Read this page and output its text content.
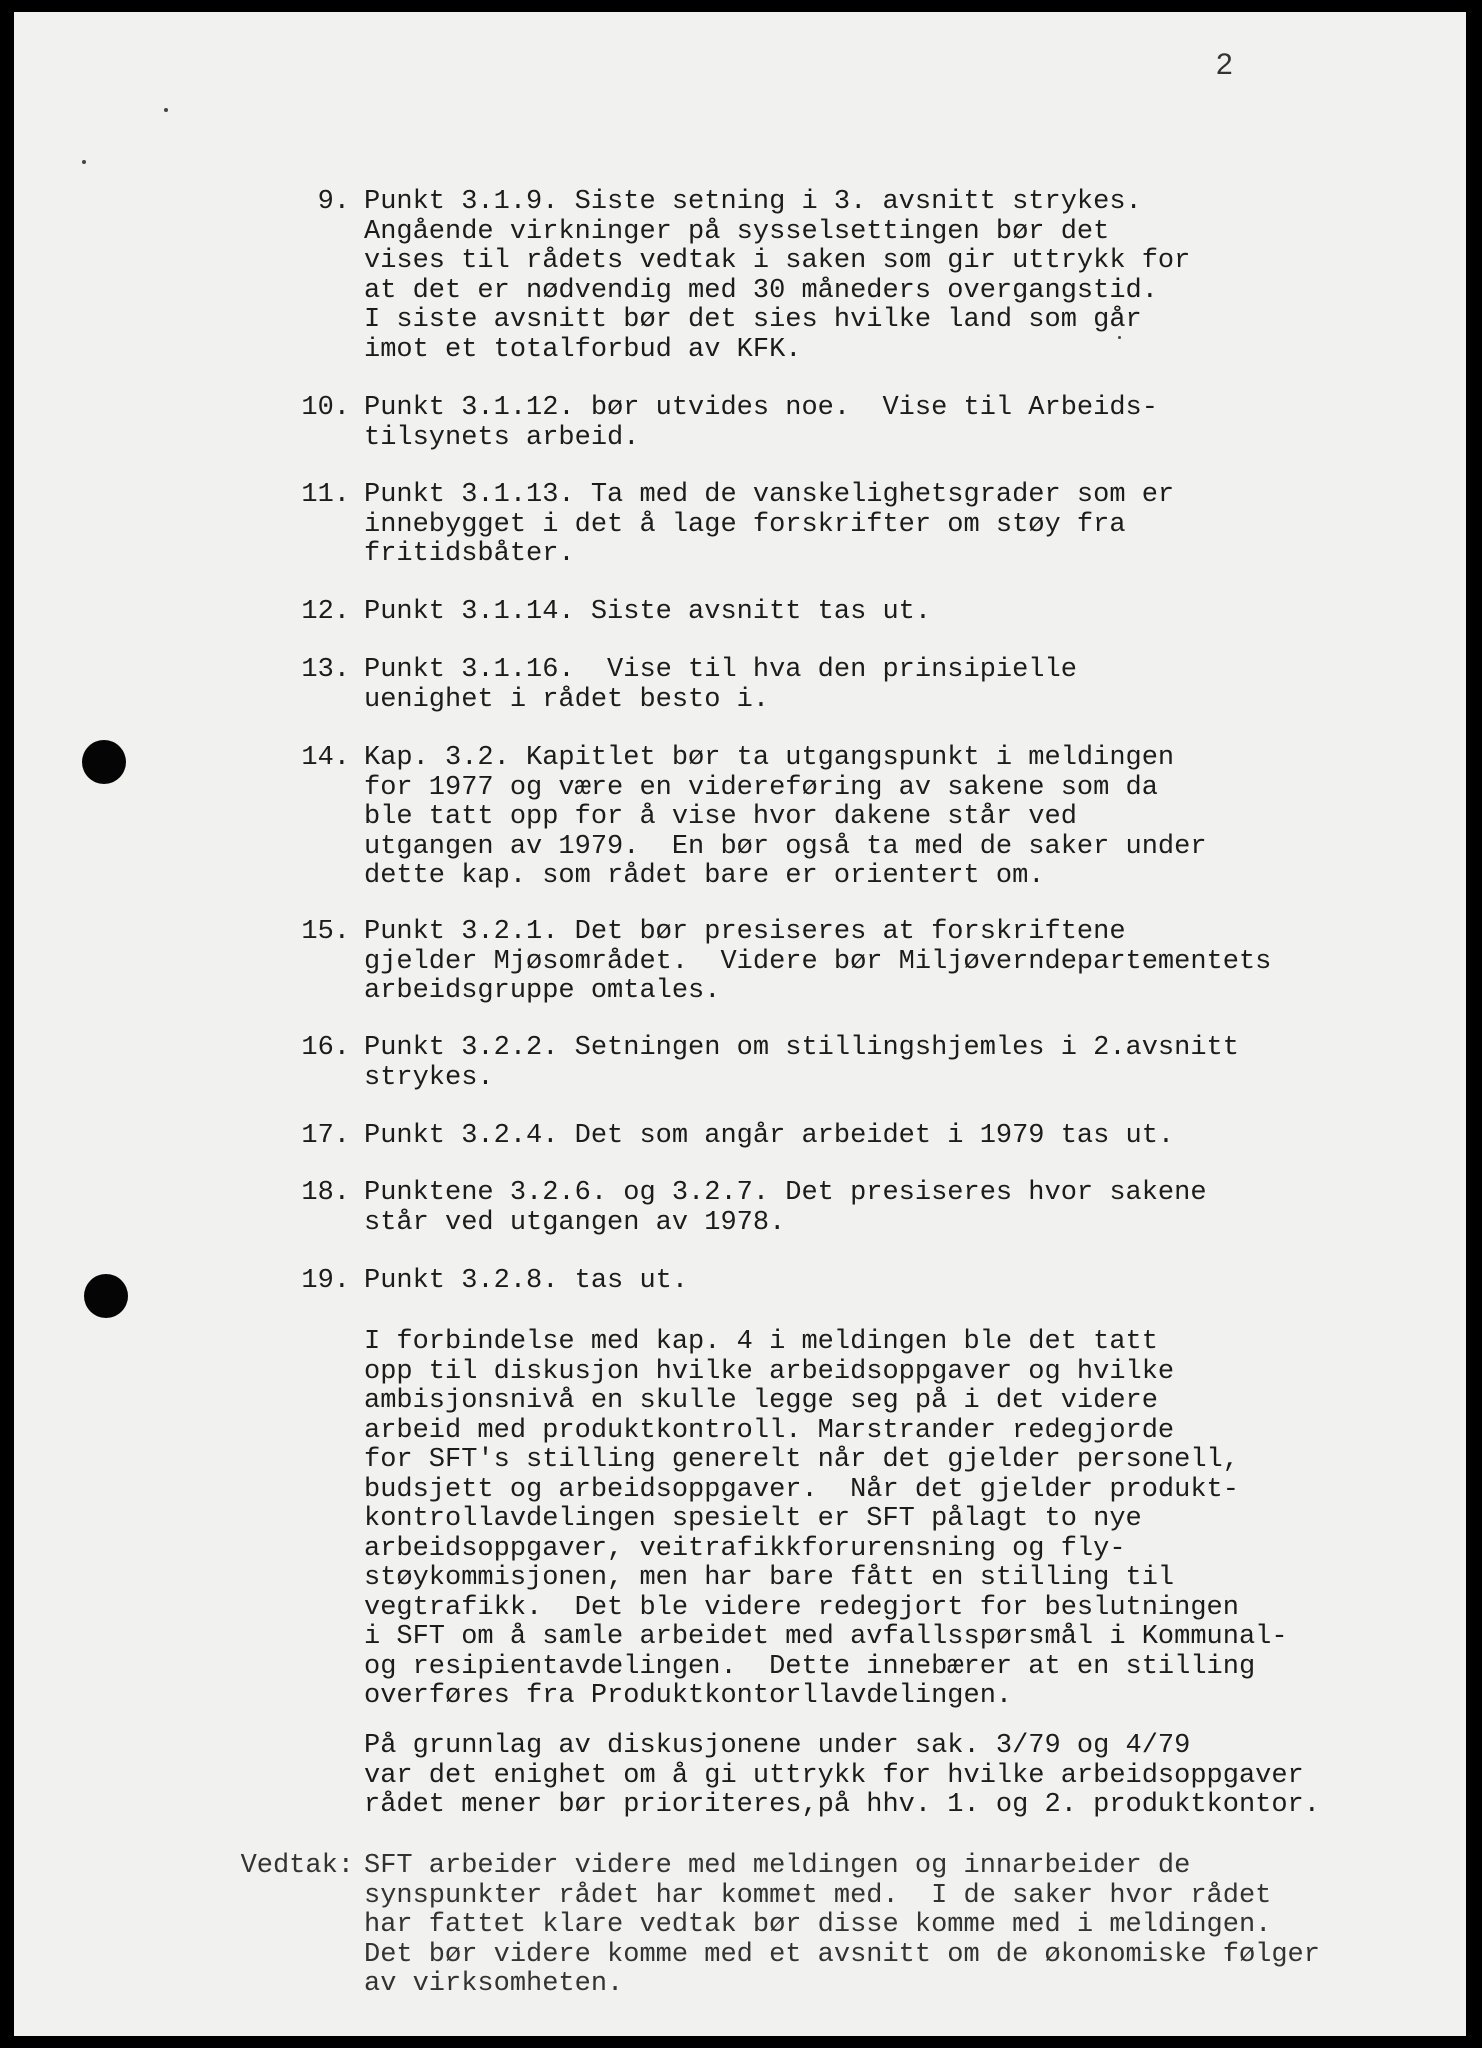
2
9. Punkt 3.1.9. Siste setning i 3. avsnitt strykes.
Angående virkninger på sysselsettingen bør det
vises til rådets vedtak i saken som gir uttrykk for
at det er nødvendig med 30 måneders overgangstid.
I siste avsnitt bør det sies hvilke land som går
imot et totalforbud av KFK.
10. Punkt 3.1.12. bør utvides noe.  Vise til Arbeids-
tilsynets arbeid.
11. Punkt 3.1.13. Ta med de vanskelighetsgrader som er
innebygget i det å lage forskrifter om støy fra
fritidsbåter.
12. Punkt 3.1.14. Siste avsnitt tas ut.
13. Punkt 3.1.16.  Vise til hva den prinsipielle
uenighet i rådet besto i.
14. Kap. 3.2. Kapitlet bør ta utgangspunkt i meldingen
for 1977 og være en videreføring av sakene som da
ble tatt opp for å vise hvor dakene står ved
utgangen av 1979.  En bør også ta med de saker under
dette kap. som rådet bare er orientert om.
15. Punkt 3.2.1. Det bør presiseres at forskriftene
gjelder Mjøsområdet.  Videre bør Miljøverndepartementets
arbeidsgruppe omtales.
16. Punkt 3.2.2. Setningen om stillingshjemles i 2.avsnitt
strykes.
17. Punkt 3.2.4. Det som angår arbeidet i 1979 tas ut.
18. Punktene 3.2.6. og 3.2.7. Det presiseres hvor sakene
står ved utgangen av 1978.
19. Punkt 3.2.8. tas ut.
I forbindelse med kap. 4 i meldingen ble det tatt
opp til diskusjon hvilke arbeidsoppgaver og hvilke
ambisjonsnivå en skulle legge seg på i det videre
arbeid med produktkontroll. Marstrander redegjorde
for SFT's stilling generelt når det gjelder personell,
budsjett og arbeidsoppgaver.  Når det gjelder produkt-
kontrollavdelingen spesielt er SFT pålagt to nye
arbeidsoppgaver, veitrafikkforurensning og fly-
støykommisjonen, men har bare fått en stilling til
vegtrafikk.  Det ble videre redegjort for beslutningen
i SFT om å samle arbeidet med avfallsspørsmål i Kommunal-
og resipientavdelingen.  Dette innebærer at en stilling
overføres fra Produktkontorllavdelingen.
På grunnlag av diskusjonene under sak. 3/79 og 4/79
var det enighet om å gi uttrykk for hvilke arbeidsoppgaver
rådet mener bør prioriteres,på hhv. 1. og 2. produktkontor.
Vedtak: SFT arbeider videre med meldingen og innarbeider de
synspunkter rådet har kommet med.  I de saker hvor rådet
har fattet klare vedtak bør disse komme med i meldingen.
Det bør videre komme med et avsnitt om de økonomiske følger
av virksomheten.
